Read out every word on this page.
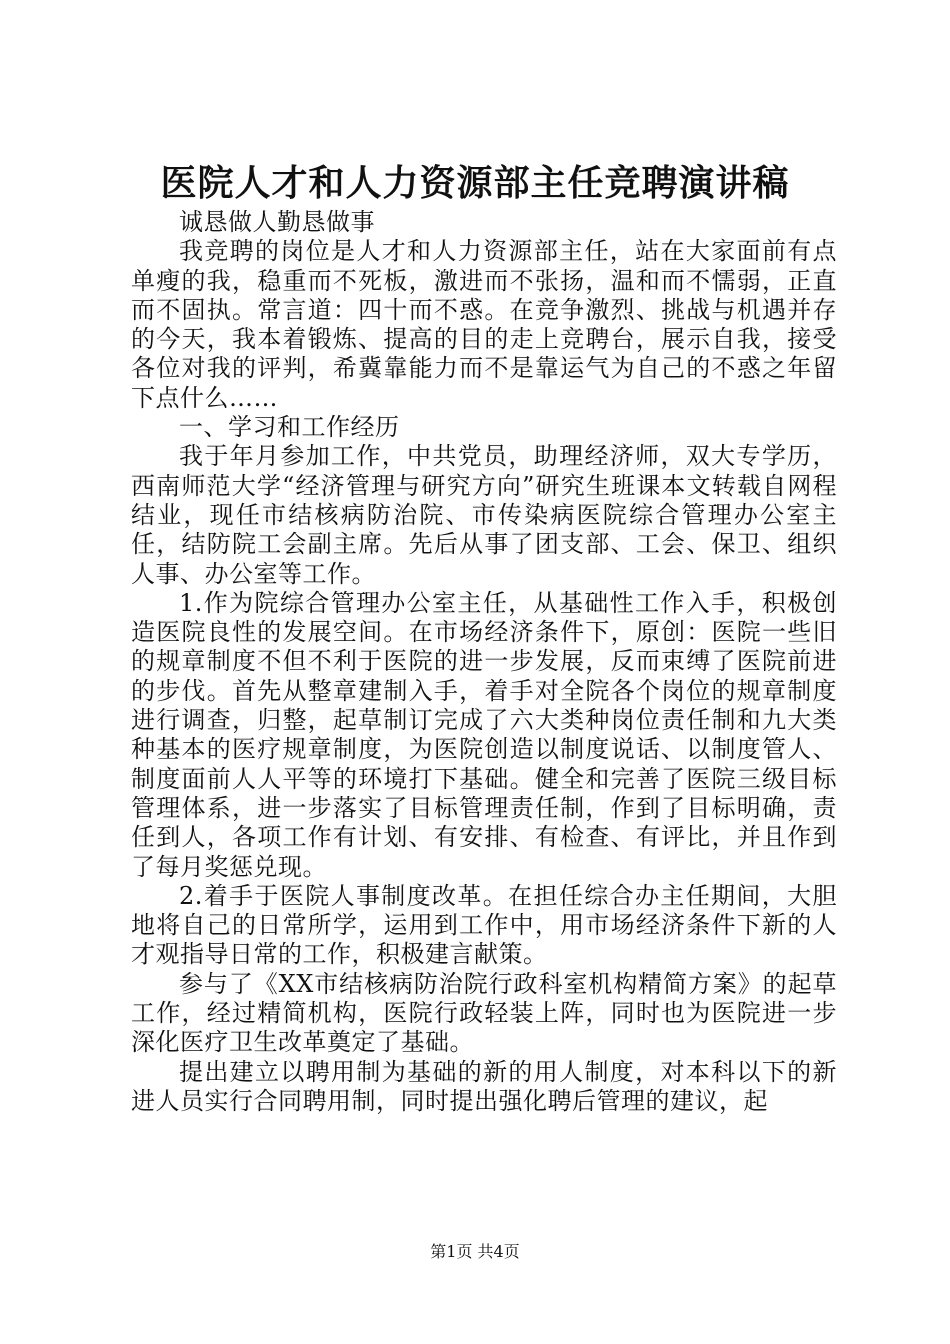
医院人才和人力资源部主任竞聘演讲稿

诚恳做人勤恳做事

我竞聘的岗位是人才和人力资源部主任，站在大家面前有点单瘦的我，稳重而不死板，激进而不张扬，温和而不懦弱，正直而不固执。常言道：四十而不惑。在竞争激烈、挑战与机遇并存的今天，我本着锻炼、提高的目的走上竞聘台，展示自我，接受各位对我的评判，希冀靠能力而不是靠运气为自己的不惑之年留下点什么……

一、学习和工作经历

我于年月参加工作，中共党员，助理经济师，双大专学历，西南师范大学“经济管理与研究方向”研究生班课本文转载自网程结业，现任市结核病防治院、市传染病医院综合管理办公室主任，结防院工会副主席。先后从事了团支部、工会、保卫、组织人事、办公室等工作。

1.作为院综合管理办公室主任，从基础性工作入手，积极创造医院良性的发展空间。在市场经济条件下，原创：医院一些旧的规章制度不但不利于医院的进一步发展，反而束缚了医院前进的步伐。首先从整章建制入手，着手对全院各个岗位的规章制度进行调查，归整，起草制订完成了六大类种岗位责任制和九大类种基本的医疗规章制度，为医院创造以制度说话、以制度管人、制度面前人人平等的环境打下基础。健全和完善了医院三级目标管理体系，进一步落实了目标管理责任制，作到了目标明确，责任到人，各项工作有计划、有安排、有检查、有评比，并且作到了每月奖惩兑现。

2.着手于医院人事制度改革。在担任综合办主任期间，大胆地将自己的日常所学，运用到工作中，用市场经济条件下新的人才观指导日常的工作，积极建言献策。

参与了《XX市结核病防治院行政科室机构精简方案》的起草工作，经过精简机构，医院行政轻装上阵，同时也为医院进一步深化医疗卫生改革奠定了基础。

提出建立以聘用制为基础的新的用人制度，对本科以下的新进人员实行合同聘用制，同时提出强化聘后管理的建议，起

第1页 共4页
